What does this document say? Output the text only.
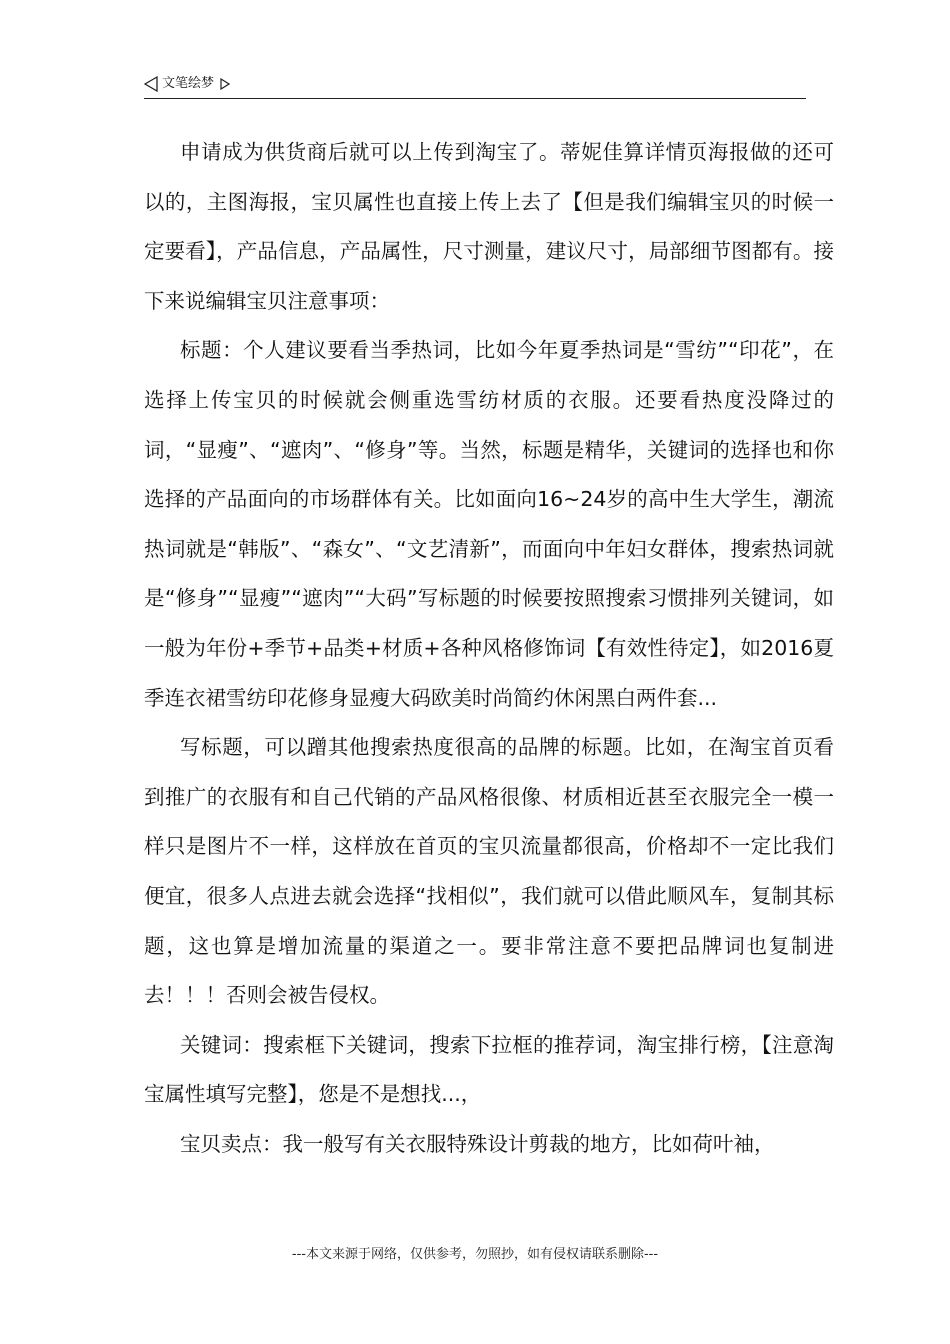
文笔绘梦

申请成为供货商后就可以上传到淘宝了。蒂妮佳算详情页海报做的还可以的，主图海报，宝贝属性也直接上传上去了【但是我们编辑宝贝的时候一定要看】，产品信息，产品属性，尺寸测量，建议尺寸，局部细节图都有。接下来说编辑宝贝注意事项：

标题：个人建议要看当季热词，比如今年夏季热词是“雪纺”“印花”，在选择上传宝贝的时候就会侧重选雪纺材质的衣服。还要看热度没降过的词，“显瘦”、“遮肉”、“修身”等。当然，标题是精华，关键词的选择也和你选择的产品面向的市场群体有关。比如面向16~24岁的高中生大学生，潮流热词就是“韩版”、“森女”、“文艺清新”，而面向中年妇女群体，搜索热词就是“修身”“显瘦”“遮肉”“大码”写标题的时候要按照搜索习惯排列关键词，如一般为年份+季节+品类+材质+各种风格修饰词【有效性待定】，如2016夏季连衣裙雪纺印花修身显瘦大码欧美时尚简约休闲黑白两件套...

写标题，可以蹭其他搜索热度很高的品牌的标题。比如，在淘宝首页看到推广的衣服有和自己代销的产品风格很像、材质相近甚至衣服完全一模一样只是图片不一样，这样放在首页的宝贝流量都很高，价格却不一定比我们便宜，很多人点进去就会选择“找相似”，我们就可以借此顺风车，复制其标题，这也算是增加流量的渠道之一。要非常注意不要把品牌词也复制进去！！！否则会被告侵权。

关键词：搜索框下关键词，搜索下拉框的推荐词，淘宝排行榜，【注意淘宝属性填写完整】，您是不是想找...，

宝贝卖点：我一般写有关衣服特殊设计剪裁的地方，比如荷叶袖，

---本文来源于网络，仅供参考，勿照抄，如有侵权请联系删除---
